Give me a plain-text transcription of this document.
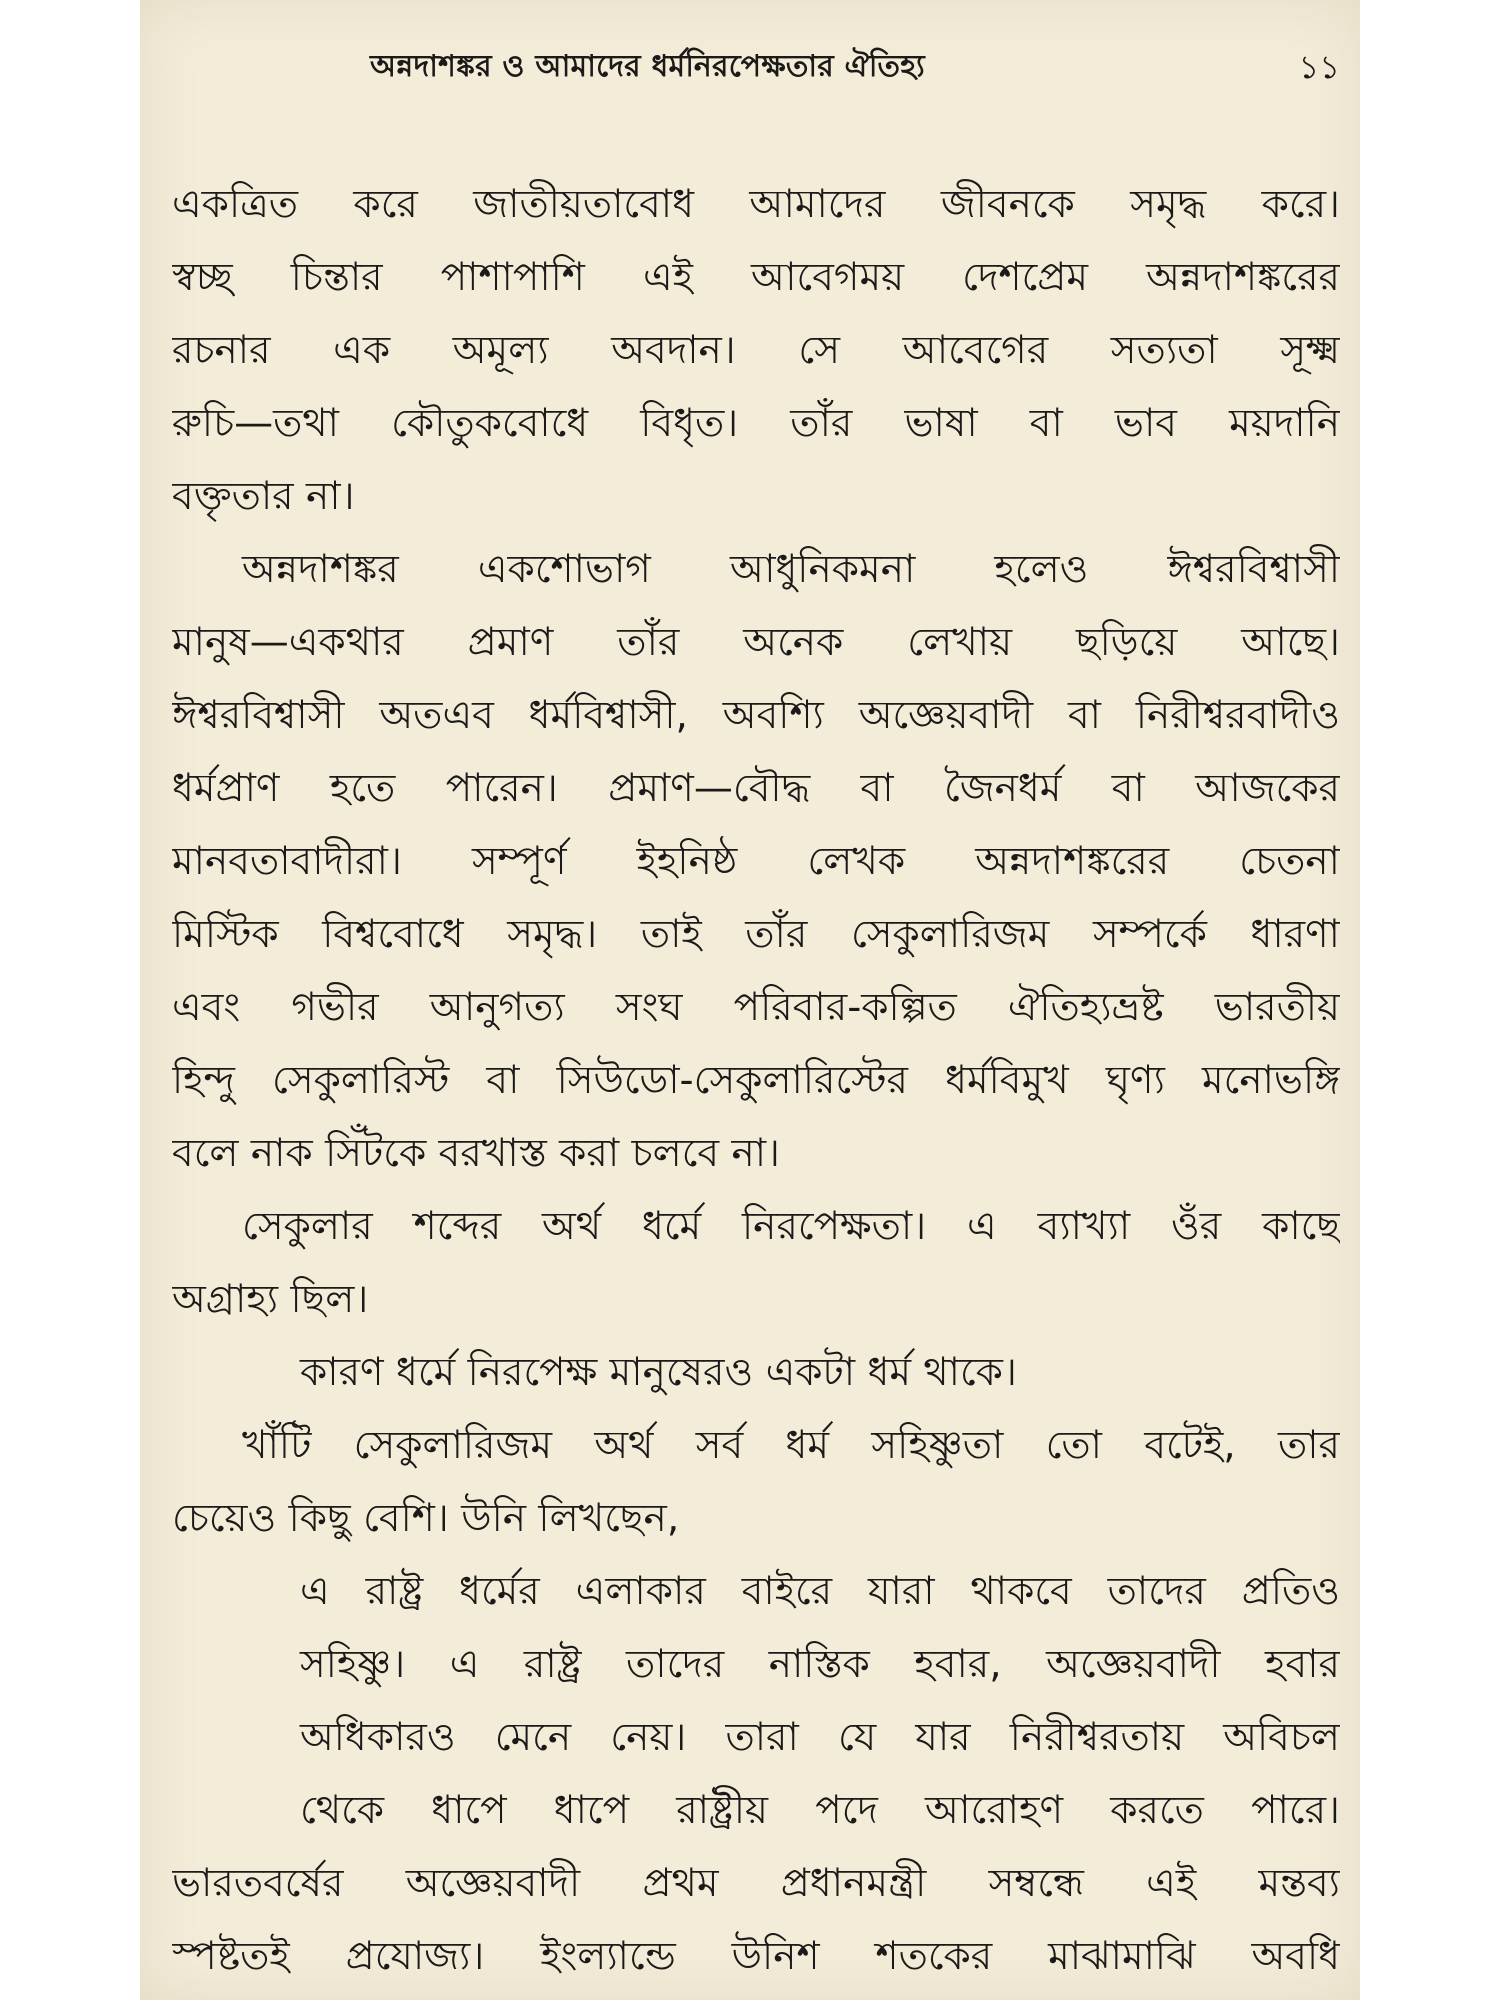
অন্নদাশঙ্কর ও আমাদের ধর্মনিরপেক্ষতার ঐতিহ্য	১১
একত্রিত করে জাতীয়তাবোধ আমাদের জীবনকে সমৃদ্ধ করে।
স্বচ্ছ চিন্তার পাশাপাশি এই আবেগময় দেশপ্রেম অন্নদাশঙ্করের
রচনার এক অমূল্য অবদান। সে আবেগের সত্যতা সূক্ষ্ম
রুচি—তথা কৌতুকবোধে বিধৃত। তাঁর ভাষা বা ভাব ময়দানি
বক্তৃতার না।
অন্নদাশঙ্কর একশোভাগ আধুনিকমনা হলেও ঈশ্বরবিশ্বাসী
মানুষ—একথার প্রমাণ তাঁর অনেক লেখায় ছড়িয়ে আছে।
ঈশ্বরবিশ্বাসী অতএব ধর্মবিশ্বাসী, অবশ্যি অজ্ঞেয়বাদী বা নিরীশ্বরবাদীও
ধর্মপ্রাণ হতে পারেন। প্রমাণ—বৌদ্ধ বা জৈনধর্ম বা আজকের
মানবতাবাদীরা। সম্পূর্ণ ইহনিষ্ঠ লেখক অন্নদাশঙ্করের চেতনা
মিস্টিক বিশ্ববোধে সমৃদ্ধ। তাই তাঁর সেকুলারিজম সম্পর্কে ধারণা
এবং গভীর আনুগত্য সংঘ পরিবার-কল্পিত ঐতিহ্যভ্রষ্ট ভারতীয়
হিন্দু সেকুলারিস্ট বা সিউডো-সেকুলারিস্টের ধর্মবিমুখ ঘৃণ্য মনোভঙ্গি
বলে নাক সিঁটকে বরখাস্ত করা চলবে না।
সেকুলার শব্দের অর্থ ধর্মে নিরপেক্ষতা। এ ব্যাখ্যা ওঁর কাছে
অগ্রাহ্য ছিল।
কারণ ধর্মে নিরপেক্ষ মানুষেরও একটা ধর্ম থাকে।
খাঁটি সেকুলারিজম অর্থ সর্ব ধর্ম সহিষ্ণুতা তো বটেই, তার
চেয়েও কিছু বেশি। উনি লিখছেন,
এ রাষ্ট্র ধর্মের এলাকার বাইরে যারা থাকবে তাদের প্রতিও
সহিষ্ণু। এ রাষ্ট্র তাদের নাস্তিক হবার, অজ্ঞেয়বাদী হবার
অধিকারও মেনে নেয়। তারা যে যার নিরীশ্বরতায় অবিচল
থেকে ধাপে ধাপে রাষ্ট্রীয় পদে আরোহণ করতে পারে।
ভারতবর্ষের অজ্ঞেয়বাদী প্রথম প্রধানমন্ত্রী সম্বন্ধে এই মন্তব্য
স্পষ্টতই প্রযোজ্য। ইংল্যান্ডে উনিশ শতকের মাঝামাঝি অবধি
